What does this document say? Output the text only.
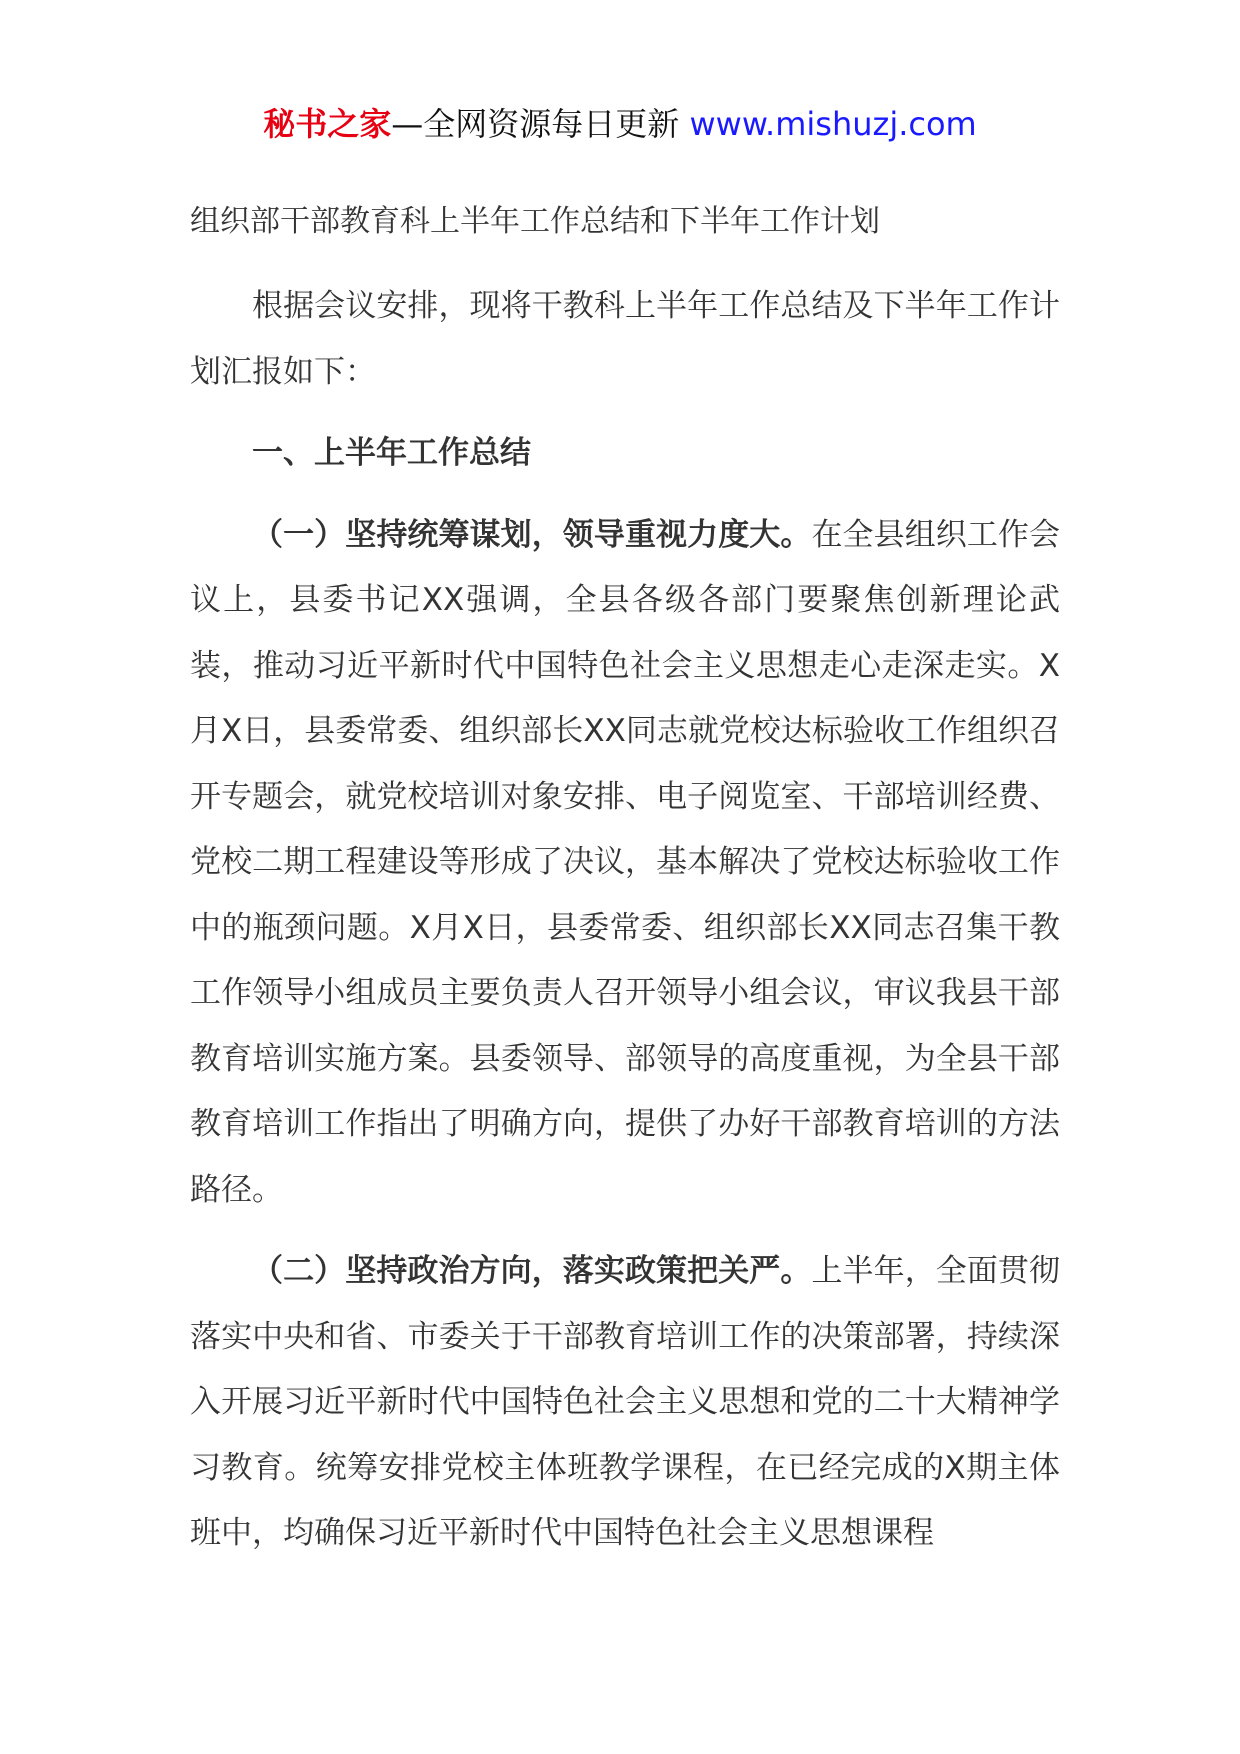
秘书之家—全网资源每日更新 www.mishuzj.com
组织部干部教育科上半年工作总结和下半年工作计划

根据会议安排，现将干教科上半年工作总结及下半年工作计划汇报如下：

一、上半年工作总结

（一）坚持统筹谋划，领导重视力度大。在全县组织工作会议上，县委书记XX强调，全县各级各部门要聚焦创新理论武装，推动习近平新时代中国特色社会主义思想走心走深走实。X月X日，县委常委、组织部长XX同志就党校达标验收工作组织召开专题会，就党校培训对象安排、电子阅览室、干部培训经费、党校二期工程建设等形成了决议，基本解决了党校达标验收工作中的瓶颈问题。X月X日，县委常委、组织部长XX同志召集干教工作领导小组成员主要负责人召开领导小组会议，审议我县干部教育培训实施方案。县委领导、部领导的高度重视，为全县干部教育培训工作指出了明确方向，提供了办好干部教育培训的方法路径。

（二）坚持政治方向，落实政策把关严。上半年，全面贯彻落实中央和省、市委关于干部教育培训工作的决策部署，持续深入开展习近平新时代中国特色社会主义思想和党的二十大精神学习教育。统筹安排党校主体班教学课程，在已经完成的X期主体班中，均确保习近平新时代中国特色社会主义思想课程
